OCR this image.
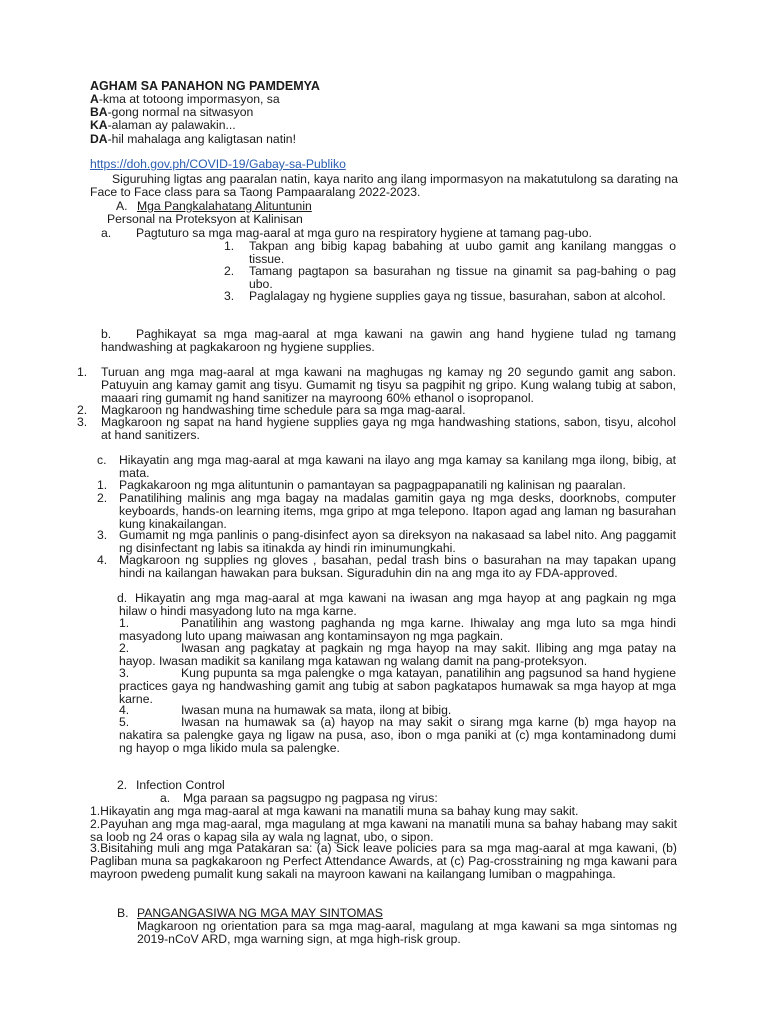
AGHAM SA PANAHON NG PAMDEMYA
A-kma at totoong impormasyon, sa
BA-gong normal na sitwasyon
KA-alaman ay palawakin...
DA-hil mahalaga ang kaligtasan natin!
https://doh.gov.ph/COVID-19/Gabay-sa-Publiko
Siguruhing ligtas ang paaralan natin, kaya narito ang ilang impormasyon na makatutulong sa darating na Face to Face class para sa Taong Pampaaralang 2022-2023.
A. Mga Pangkalahatang Alituntunin
Personal na Proteksyon at Kalinisan
a. Pagtuturo sa mga mag-aaral at mga guro na respiratory hygiene at tamang pag-ubo.
1. Takpan ang bibig kapag babahing at uubo gamit ang kanilang manggas o tissue.
2. Tamang pagtapon sa basurahan ng tissue na ginamit sa pag-bahing o pag ubo.
3. Paglalagay ng hygiene supplies gaya ng tissue, basurahan, sabon at alcohol.
b.	Paghikayat sa mga mag-aaral at mga kawani na gawin ang hand hygiene tulad ng tamang handwashing at pagkakaroon ng hygiene supplies.
1. Turuan ang mga mag-aaral at mga kawani na maghugas ng kamay ng 20 segundo gamit ang sabon. Patuyuin ang kamay gamit ang tisyu. Gumamit ng tisyu sa pagpihit ng gripo. Kung walang tubig at sabon, maaari ring gumamit ng hand sanitizer na mayroong 60% ethanol o isopropanol.
2. Magkaroon ng handwashing time schedule para sa mga mag-aaral.
3. Magkaroon ng sapat na hand hygiene supplies gaya ng mga handwashing stations, sabon, tisyu, alcohol at hand sanitizers.
c. Hikayatin ang mga mag-aaral at mga kawani na ilayo ang mga kamay sa kanilang mga ilong, bibig, at mata.
1. Pagkakaroon ng mga alituntunin o pamantayan sa pagpagpapanatili ng kalinisan ng paaralan.
2. Panatilihing malinis ang mga bagay na madalas gamitin gaya ng mga desks, doorknobs, computer keyboards, hands-on learning items, mga gripo at mga telepono. Itapon agad ang laman ng basurahan kung kinakailangan.
3. Gumamit ng mga panlinis o pang-disinfect ayon sa direksyon na nakasaad sa label nito. Ang paggamit ng disinfectant ng labis sa itinakda ay hindi rin iminumungkahi.
4. Magkaroon ng supplies ng gloves , basahan, pedal trash bins o basurahan na may tapakan upang hindi na kailangan hawakan para buksan. Siguraduhin din na ang mga ito ay FDA-approved.
d. Hikayatin ang mga mag-aaral at mga kawani na iwasan ang mga hayop at ang pagkain ng mga hilaw o hindi masyadong luto na mga karne.
1.	Panatilihin ang wastong paghanda ng mga karne. Ihiwalay ang mga luto sa mga hindi masyadong luto upang maiwasan ang kontaminsayon ng mga pagkain.
2.	Iwasan ang pagkatay at pagkain ng mga hayop na may sakit. Ilibing ang mga patay na hayop. Iwasan madikit sa kanilang mga katawan ng walang damit na pang-proteksyon.
3.	Kung pupunta sa mga palengke o mga katayan, panatilihin ang pagsunod sa hand hygiene practices gaya ng handwashing gamit ang tubig at sabon pagkatapos humawak sa mga hayop at mga karne.
4.	Iwasan muna na humawak sa mata, ilong at bibig.
5.	Iwasan na humawak sa (a) hayop na may sakit o sirang mga karne (b) mga hayop na nakatira sa palengke gaya ng ligaw na pusa, aso, ibon o mga paniki at (c) mga kontaminadong dumi ng hayop o mga likido mula sa palengke.
2. Infection Control
a. Mga paraan sa pagsugpo ng pagpasa ng virus:
1.Hikayatin ang mga mag-aaral at mga kawani na manatili muna sa bahay kung may sakit.
2.Payuhan ang mga mag-aaral, mga magulang at mga kawani na manatili muna sa bahay habang may sakit sa loob ng 24 oras o kapag sila ay wala ng lagnat, ubo, o sipon.
3.Bisitahing muli ang mga Patakaran sa: (a) Sick leave policies para sa mga mag-aaral at mga kawani, (b) Pagliban muna sa pagkakaroon ng Perfect Attendance Awards, at (c) Pag-crosstraining ng mga kawani para mayroon pwedeng pumalit kung sakali na mayroon kawani na kailangang lumiban o magpahinga.
B. PANGANGASIWA NG MGA MAY SINTOMAS
Magkaroon ng orientation para sa mga mag-aaral, magulang at mga kawani sa mga sintomas ng 2019-nCoV ARD, mga warning sign, at mga high-risk group.
